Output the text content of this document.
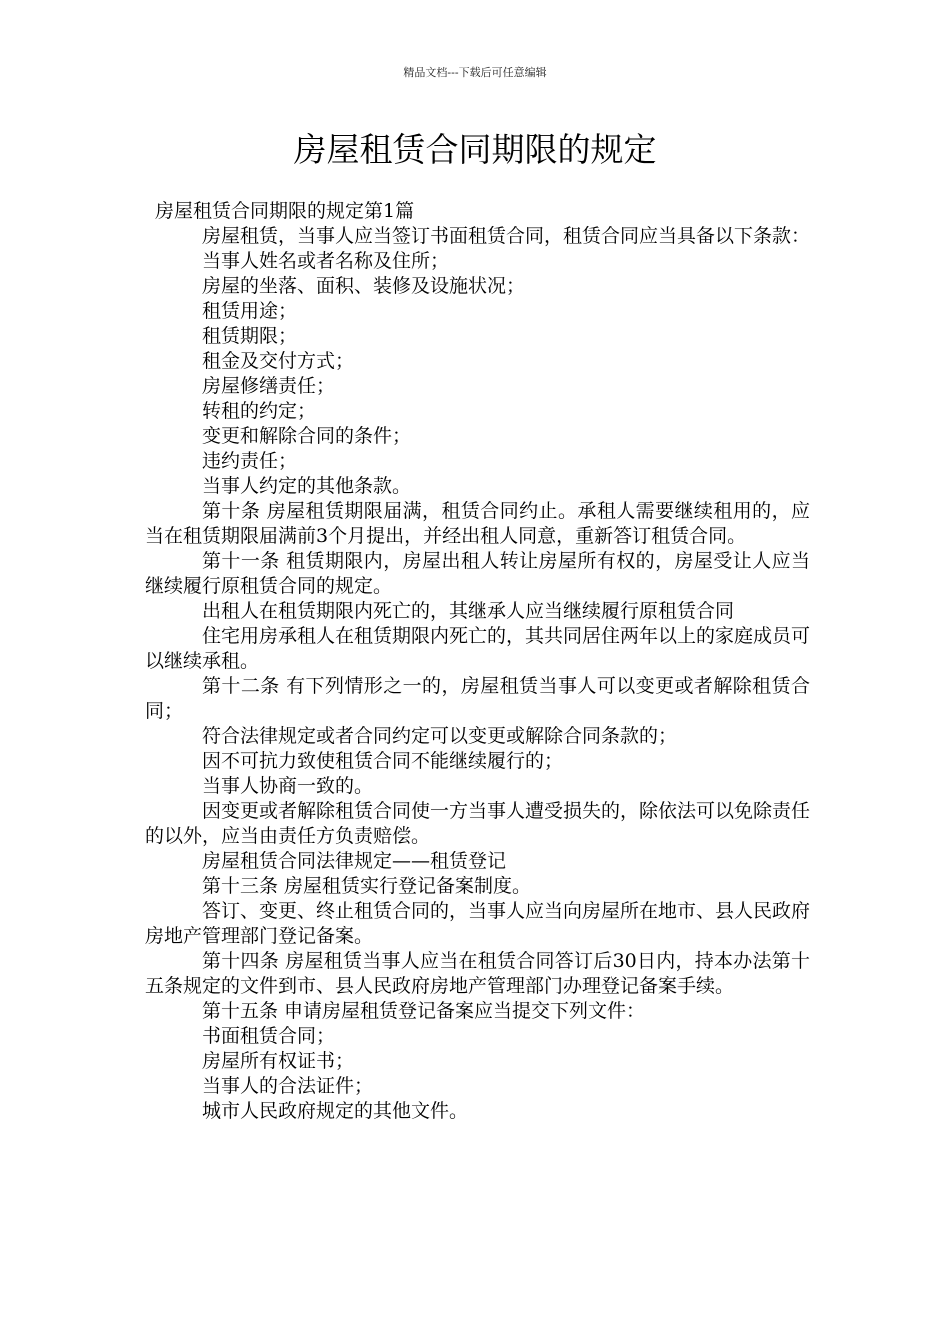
精品文档---下载后可任意编辑
房屋租赁合同期限的规定

房屋租赁合同期限的规定第1篇

房屋租赁，当事人应当签订书面租赁合同，租赁合同应当具备以下条款：

当事人姓名或者名称及住所；

房屋的坐落、面积、装修及设施状况；

租赁用途；

租赁期限；

租金及交付方式；

房屋修缮责任；

转租的约定；

变更和解除合同的条件；

违约责任；

当事人约定的其他条款。

第十条 房屋租赁期限届满，租赁合同约止。承租人需要继续租用的，应当在租赁期限届满前3个月提出，并经出租人同意，重新答订租赁合同。

第十一条 租赁期限内，房屋出租人转让房屋所有权的，房屋受让人应当继续履行原租赁合同的规定。

出租人在租赁期限内死亡的，其继承人应当继续履行原租赁合同

住宅用房承租人在租赁期限内死亡的，其共同居住两年以上的家庭成员可以继续承租。

第十二条 有下列情形之一的，房屋租赁当事人可以变更或者解除租赁合同；

符合法律规定或者合同约定可以变更或解除合同条款的；

因不可抗力致使租赁合同不能继续履行的；

当事人协商一致的。

因变更或者解除租赁合同使一方当事人遭受损失的，除依法可以免除责任的以外，应当由责任方负责赔偿。

房屋租赁合同法律规定——租赁登记

第十三条 房屋租赁实行登记备案制度。

答订、变更、终止租赁合同的，当事人应当向房屋所在地市、县人民政府房地产管理部门登记备案。

第十四条 房屋租赁当事人应当在租赁合同答订后30日内，持本办法第十五条规定的文件到市、县人民政府房地产管理部门办理登记备案手续。

第十五条 申请房屋租赁登记备案应当提交下列文件：

书面租赁合同；

房屋所有权证书；

当事人的合法证件；

城市人民政府规定的其他文件。
